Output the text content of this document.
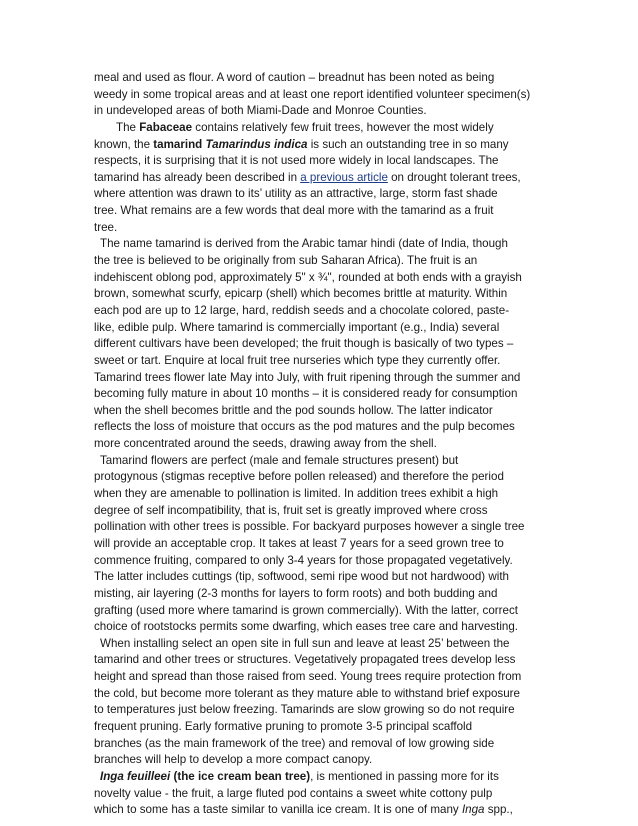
meal and used as flour. A word of caution – breadnut has been noted as being
weedy in some tropical areas and at least one report identified volunteer specimen(s)
in undeveloped areas of both Miami-Dade and Monroe Counties.
The Fabaceae contains relatively few fruit trees, however the most widely
known, the tamarind Tamarindus indica is such an outstanding tree in so many
respects, it is surprising that it is not used more widely in local landscapes. The
tamarind has already been described in a previous article on drought tolerant trees,
where attention was drawn to its’ utility as an attractive, large, storm fast shade
tree. What remains are a few words that deal more with the tamarind as a fruit
tree.
The name tamarind is derived from the Arabic tamar hindi (date of India, though
the tree is believed to be originally from sub Saharan Africa). The fruit is an
indehiscent oblong pod, approximately 5" x ¾", rounded at both ends with a grayish
brown, somewhat scurfy, epicarp (shell) which becomes brittle at maturity. Within
each pod are up to 12 large, hard, reddish seeds and a chocolate colored, paste-
like, edible pulp. Where tamarind is commercially important (e.g., India) several
different cultivars have been developed; the fruit though is basically of two types –
sweet or tart. Enquire at local fruit tree nurseries which type they currently offer.
Tamarind trees flower late May into July, with fruit ripening through the summer and
becoming fully mature in about 10 months – it is considered ready for consumption
when the shell becomes brittle and the pod sounds hollow. The latter indicator
reflects the loss of moisture that occurs as the pod matures and the pulp becomes
more concentrated around the seeds, drawing away from the shell.
Tamarind flowers are perfect (male and female structures present) but
protogynous (stigmas receptive before pollen released) and therefore the period
when they are amenable to pollination is limited. In addition trees exhibit a high
degree of self incompatibility, that is, fruit set is greatly improved where cross
pollination with other trees is possible. For backyard purposes however a single tree
will provide an acceptable crop. It takes at least 7 years for a seed grown tree to
commence fruiting, compared to only 3-4 years for those propagated vegetatively.
The latter includes cuttings (tip, softwood, semi ripe wood but not hardwood) with
misting, air layering (2-3 months for layers to form roots) and both budding and
grafting (used more where tamarind is grown commercially). With the latter, correct
choice of rootstocks permits some dwarfing, which eases tree care and harvesting.
When installing select an open site in full sun and leave at least 25’ between the
tamarind and other trees or structures. Vegetatively propagated trees develop less
height and spread than those raised from seed. Young trees require protection from
the cold, but become more tolerant as they mature able to withstand brief exposure
to temperatures just below freezing. Tamarinds are slow growing so do not require
frequent pruning. Early formative pruning to promote 3-5 principal scaffold
branches (as the main framework of the tree) and removal of low growing side
branches will help to develop a more compact canopy.
Inga feuilleei (the ice cream bean tree), is mentioned in passing more for its
novelty value - the fruit, a large fluted pod contains a sweet white cottony pulp
which to some has a taste similar to vanilla ice cream. It is one of many Inga spp.,
